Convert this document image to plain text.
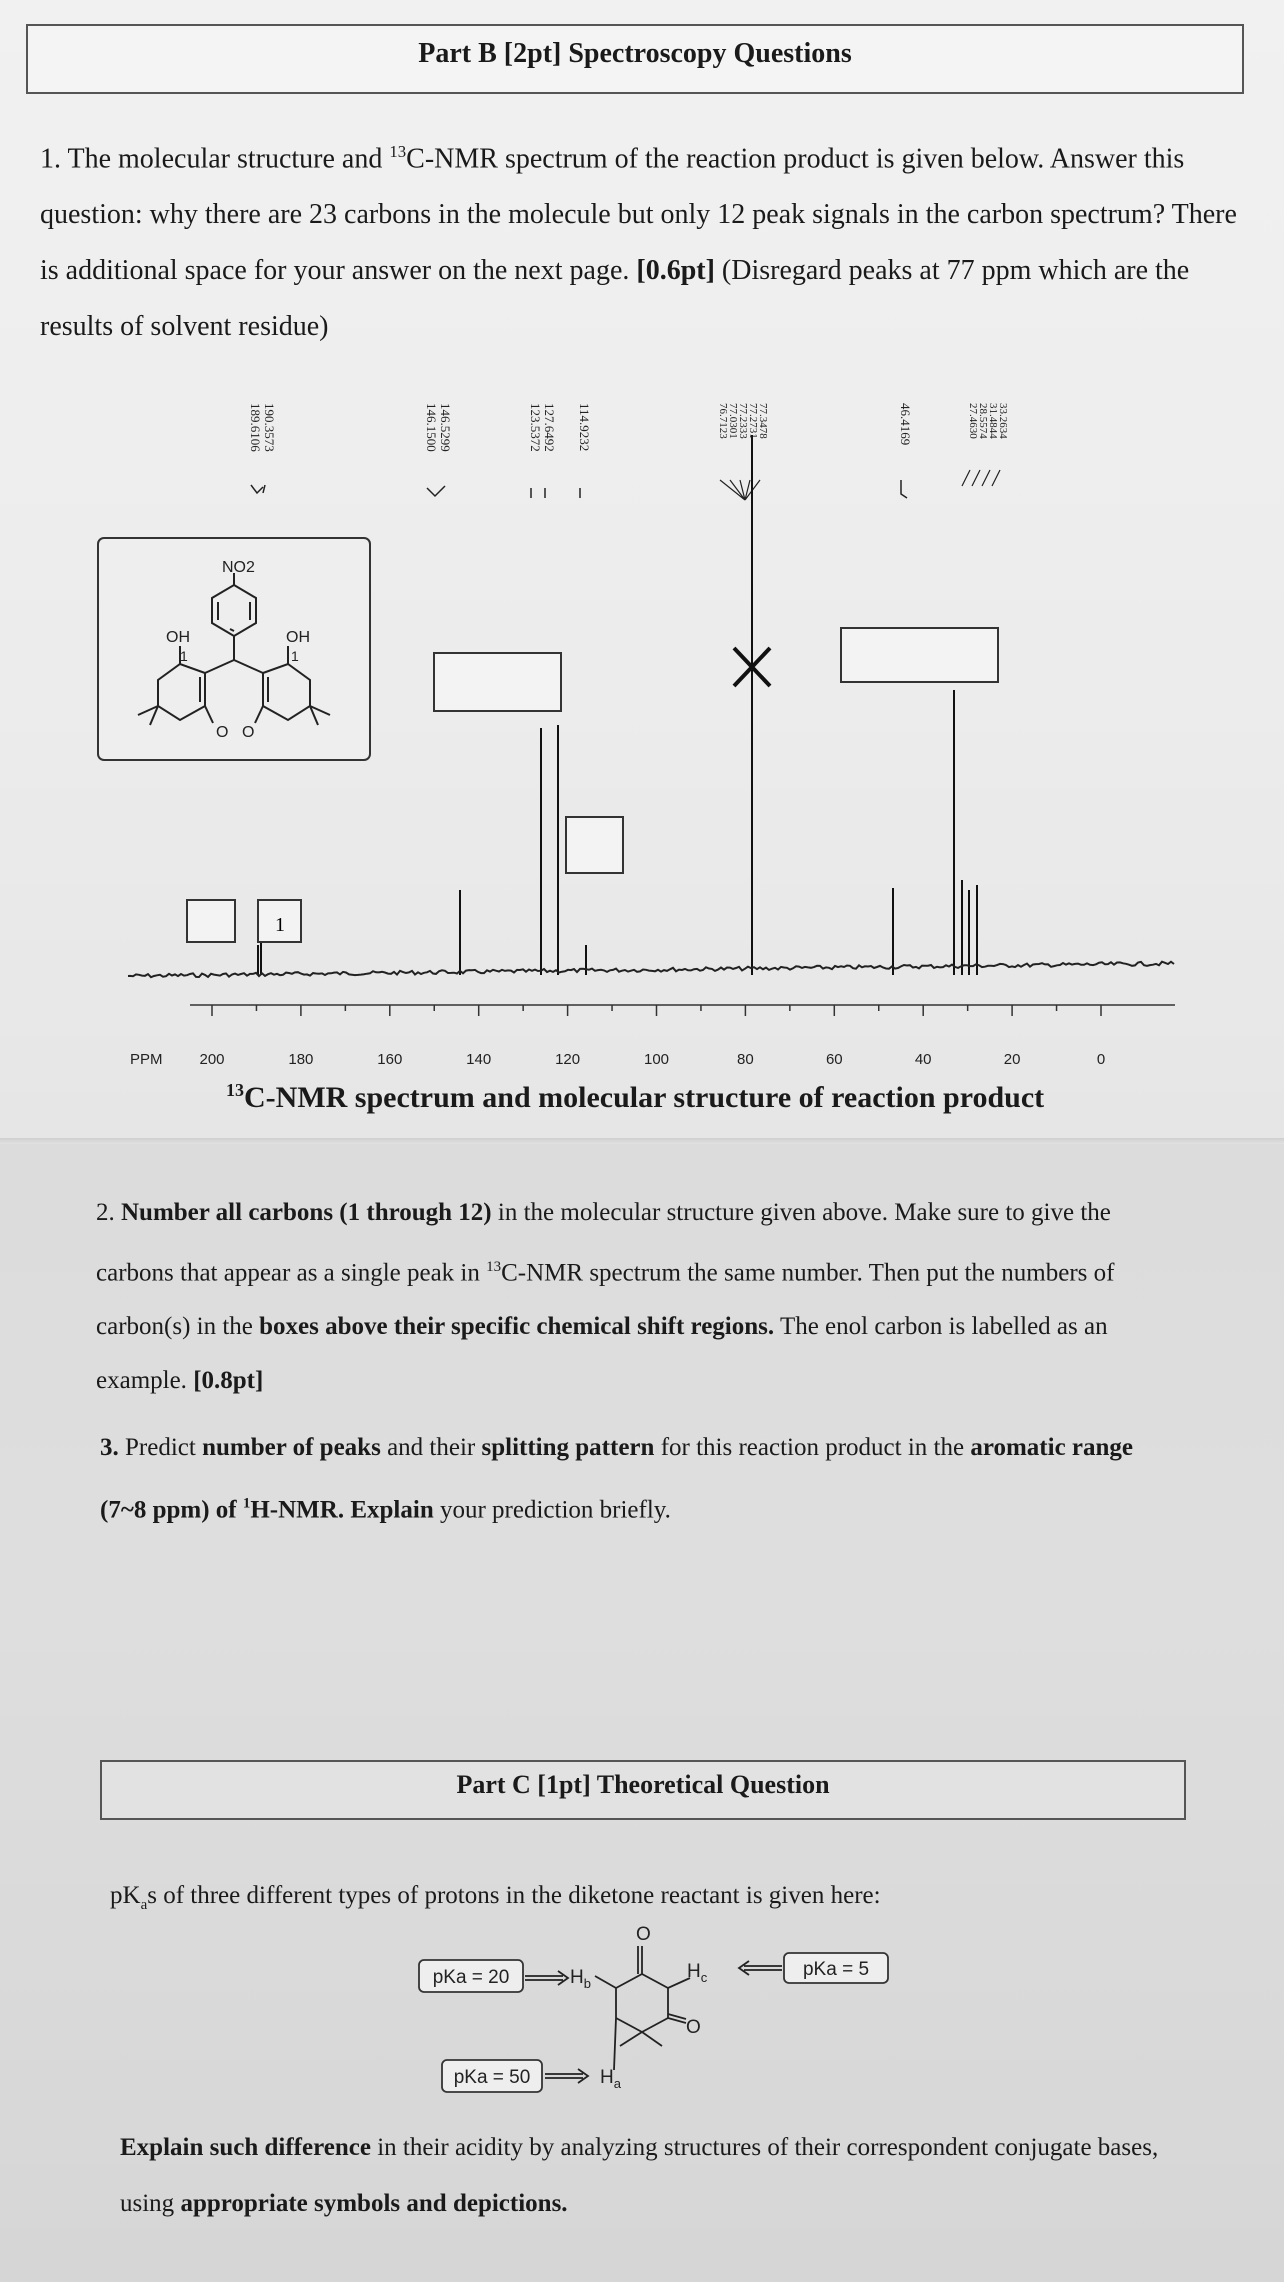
Part B [2pt] Spectroscopy Questions
1. The molecular structure and $^{13}$C-NMR spectrum of the reaction product is given below. Answer this question: why there are 23 carbons in the molecule but only 12 peak signals in the carbon spectrum? There is additional space for your answer on the next page. [0.6pt] (Disregard peaks at 77 ppm which are the results of solvent residue)
189.6106 190.3573	146.1500 146.5299	123.5372 127.6492 114.9232	76.7123
77.0301
77.2333
77.2731
77.3478	46.4169	27.4630
28.5574
31.4844
33.2634
1
NO2
OH	OH
1	1
O O
PPM 200	180	160	140	120	100	80	60	40	20	0
$^{13}$C-NMR spectrum and molecular structure of reaction product
2. Number all carbons (1 through 12) in the molecular structure given above. Make sure to give the carbons that appear as a single peak in $^{13}$C-NMR spectrum the same number. Then put the numbers of carbon(s) in the boxes above their specific chemical shift regions. The enol carbon is labelled as an example. [0.8pt]
3. Predict number of peaks and their splitting pattern for this reaction product in the aromatic range (7~8 ppm) of $^1$H-NMR. Explain your prediction briefly.
Part C [1pt] Theoretical Question
$pK_as$ of three different types of protons in the diketone reactant is given here:
pKa = 20	$H_b$
pKa = 5
$H_c$
pKa = 50	$H_a$
O
O
Explain such difference in their acidity by analyzing structures of their correspondent conjugate bases, using appropriate symbols and depictions.
